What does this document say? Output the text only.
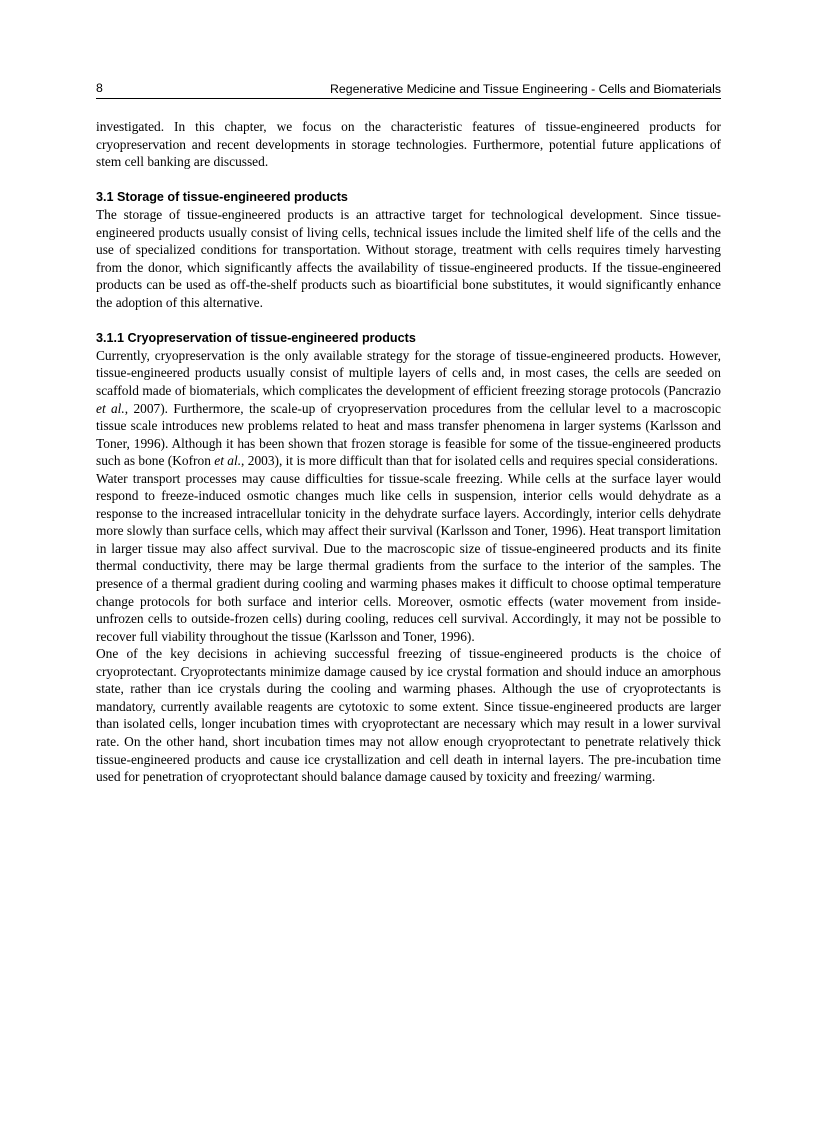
8	Regenerative Medicine and Tissue Engineering - Cells and Biomaterials

investigated. In this chapter, we focus on the characteristic features of tissue-engineered products for cryopreservation and recent developments in storage technologies. Furthermore, potential future applications of stem cell banking are discussed.

3.1 Storage of tissue-engineered products

The storage of tissue-engineered products is an attractive target for technological development. Since tissue-engineered products usually consist of living cells, technical issues include the limited shelf life of the cells and the use of specialized conditions for transportation. Without storage, treatment with cells requires timely harvesting from the donor, which significantly affects the availability of tissue-engineered products. If the tissue-engineered products can be used as off-the-shelf products such as bioartificial bone substitutes, it would significantly enhance the adoption of this alternative.

3.1.1 Cryopreservation of tissue-engineered products

Currently, cryopreservation is the only available strategy for the storage of tissue-engineered products. However, tissue-engineered products usually consist of multiple layers of cells and, in most cases, the cells are seeded on scaffold made of biomaterials, which complicates the development of efficient freezing storage protocols (Pancrazio et al., 2007). Furthermore, the scale-up of cryopreservation procedures from the cellular level to a macroscopic tissue scale introduces new problems related to heat and mass transfer phenomena in larger systems (Karlsson and Toner, 1996). Although it has been shown that frozen storage is feasible for some of the tissue-engineered products such as bone (Kofron et al., 2003), it is more difficult than that for isolated cells and requires special considerations.

Water transport processes may cause difficulties for tissue-scale freezing. While cells at the surface layer would respond to freeze-induced osmotic changes much like cells in suspension, interior cells would dehydrate as a response to the increased intracellular tonicity in the dehydrate surface layers. Accordingly, interior cells dehydrate more slowly than surface cells, which may affect their survival (Karlsson and Toner, 1996). Heat transport limitation in larger tissue may also affect survival. Due to the macroscopic size of tissue-engineered products and its finite thermal conductivity, there may be large thermal gradients from the surface to the interior of the samples. The presence of a thermal gradient during cooling and warming phases makes it difficult to choose optimal temperature change protocols for both surface and interior cells. Moreover, osmotic effects (water movement from inside-unfrozen cells to outside-frozen cells) during cooling, reduces cell survival. Accordingly, it may not be possible to recover full viability throughout the tissue (Karlsson and Toner, 1996).

One of the key decisions in achieving successful freezing of tissue-engineered products is the choice of cryoprotectant. Cryoprotectants minimize damage caused by ice crystal formation and should induce an amorphous state, rather than ice crystals during the cooling and warming phases. Although the use of cryoprotectants is mandatory, currently available reagents are cytotoxic to some extent. Since tissue-engineered products are larger than isolated cells, longer incubation times with cryoprotectant are necessary which may result in a lower survival rate. On the other hand, short incubation times may not allow enough cryoprotectant to penetrate relatively thick tissue-engineered products and cause ice crystallization and cell death in internal layers. The pre-incubation time used for penetration of cryoprotectant should balance damage caused by toxicity and freezing/ warming.
